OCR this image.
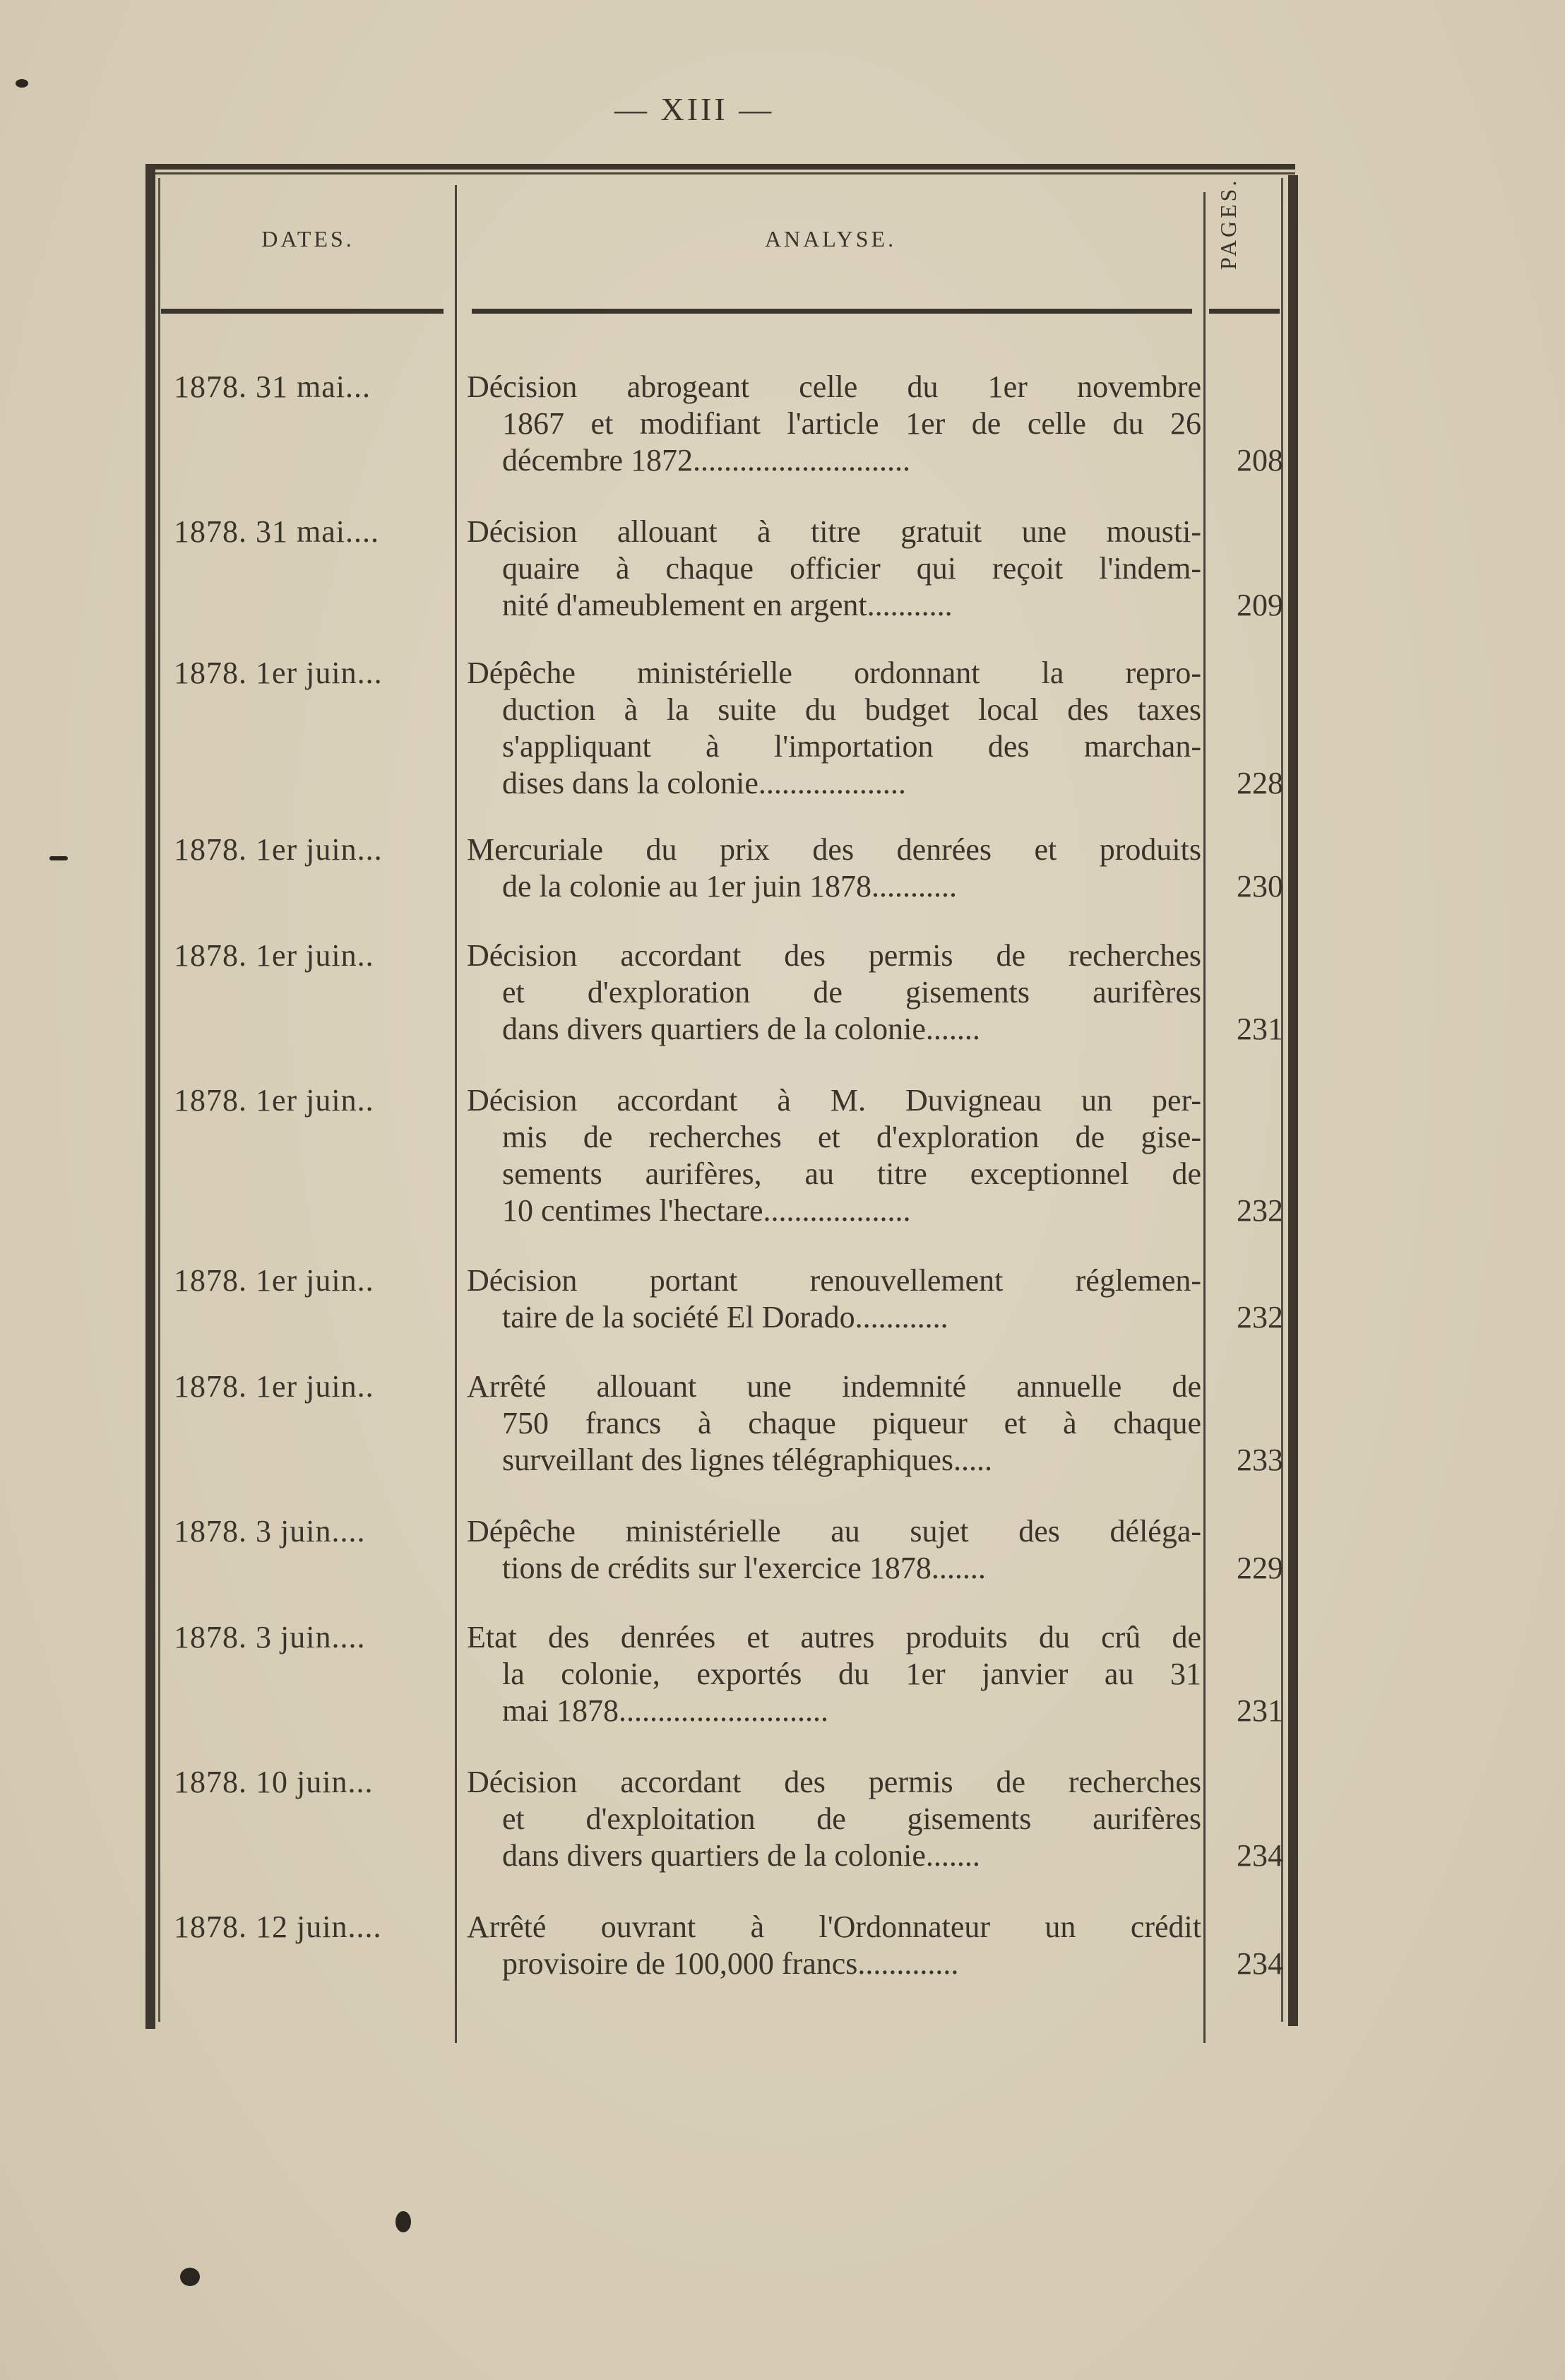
— XIII —
DATES.	ANALYSE.	PAGES.
1878. 31 mai...	Décision abrogeant celle du 1er novembre
1867 et modifiant l'article 1er de celle du 26
décembre 1872............................	208
1878. 31 mai....	Décision allouant à titre gratuit une mousti-
quaire à chaque officier qui reçoit l'indem-
nité d'ameublement en argent...........	209
1878. 1er juin...	Dépêche ministérielle ordonnant la repro-
duction à la suite du budget local des taxes
s'appliquant à l'importation des marchan-
dises dans la colonie...................	228
1878. 1er juin...	Mercuriale du prix des denrées et produits
de la colonie au 1er juin 1878...........	230
1878. 1er juin..	Décision accordant des permis de recherches
et d'exploration de gisements aurifères
dans divers quartiers de la colonie.......	231
1878. 1er juin..	Décision accordant à M. Duvigneau un per-
mis de recherches et d'exploration de gise-
sements aurifères, au titre exceptionnel de
10 centimes l'hectare...................	232
1878. 1er juin..	Décision portant renouvellement réglemen-
taire de la société El Dorado............	232
1878. 1er juin..	Arrêté allouant une indemnité annuelle de
750 francs à chaque piqueur et à chaque
surveillant des lignes télégraphiques.....	233
1878. 3 juin....	Dépêche ministérielle au sujet des déléga-
tions de crédits sur l'exercice 1878.......	229
1878. 3 juin....	Etat des denrées et autres produits du crû de
la colonie, exportés du 1er janvier au 31
mai 1878...........................	231
1878. 10 juin...	Décision accordant des permis de recherches
et d'exploitation de gisements aurifères
dans divers quartiers de la colonie.......	234
1878. 12 juin....	Arrêté ouvrant à l'Ordonnateur un crédit
provisoire de 100,000 francs.............	234
